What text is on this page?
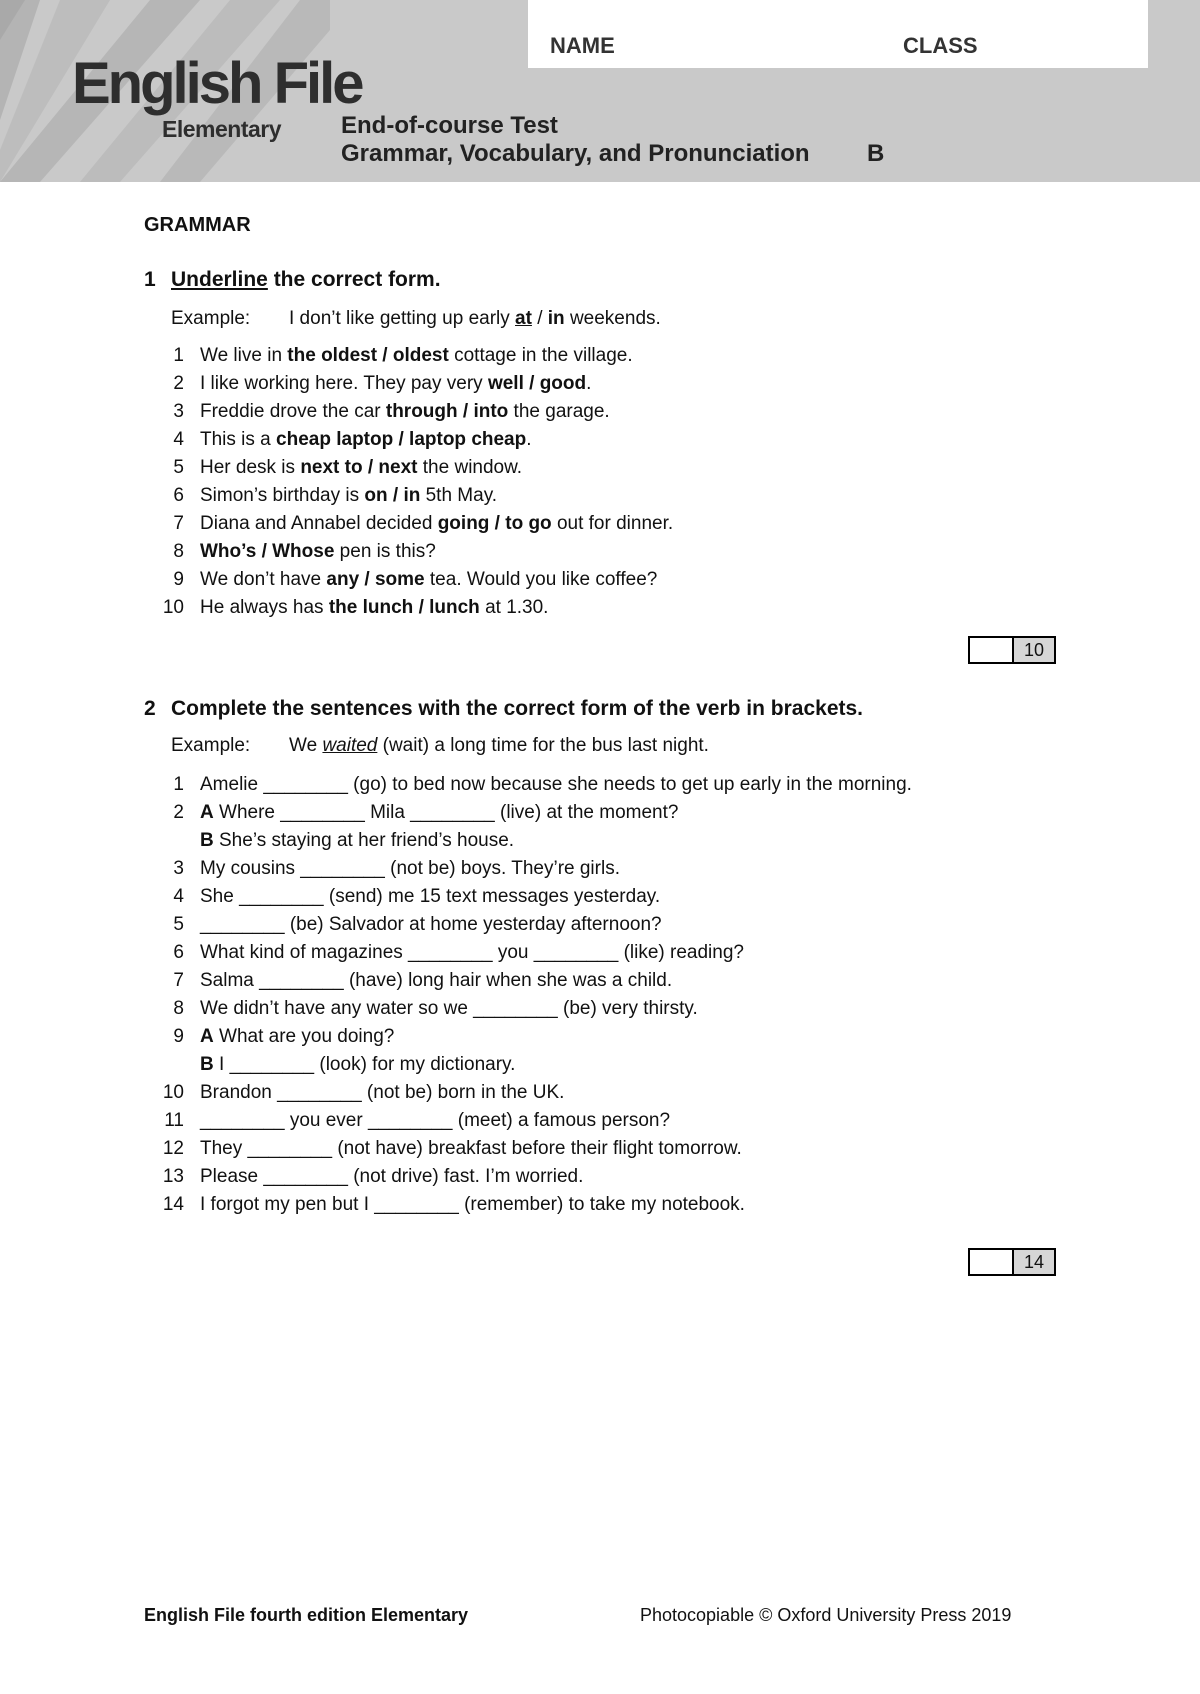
English File
Elementary
NAME	CLASS
End-of-course Test
Grammar, Vocabulary, and Pronunciation B
GRAMMAR
1 Underline the correct form.
Example: I don’t like getting up early at / in weekends.
1 We live in the oldest / oldest cottage in the village.
2 I like working here. They pay very well / good.
3 Freddie drove the car through / into the garage.
4 This is a cheap laptop / laptop cheap.
5 Her desk is next to / next the window.
6 Simon’s birthday is on / in 5th May.
7 Diana and Annabel decided going / to go out for dinner.
8 Who’s / Whose pen is this?
9 We don’t have any / some tea. Would you like coffee?
10 He always has the lunch / lunch at 1.30.
10
2 Complete the sentences with the correct form of the verb in brackets.
Example: We waited (wait) a long time for the bus last night.
1 Amelie ________ (go) to bed now because she needs to get up early in the morning.
2 A Where ________ Mila ________ (live) at the moment?
B She’s staying at her friend’s house.
3 My cousins ________ (not be) boys. They’re girls.
4 She ________ (send) me 15 text messages yesterday.
5 ________ (be) Salvador at home yesterday afternoon?
6 What kind of magazines ________ you ________ (like) reading?
7 Salma ________ (have) long hair when she was a child.
8 We didn’t have any water so we ________ (be) very thirsty.
9 A What are you doing?
B I ________ (look) for my dictionary.
10 Brandon ________ (not be) born in the UK.
11 ________ you ever ________ (meet) a famous person?
12 They ________ (not have) breakfast before their flight tomorrow.
13 Please ________ (not drive) fast. I’m worried.
14 I forgot my pen but I ________ (remember) to take my notebook.
14
English File fourth edition Elementary	Photocopiable © Oxford University Press 2019
